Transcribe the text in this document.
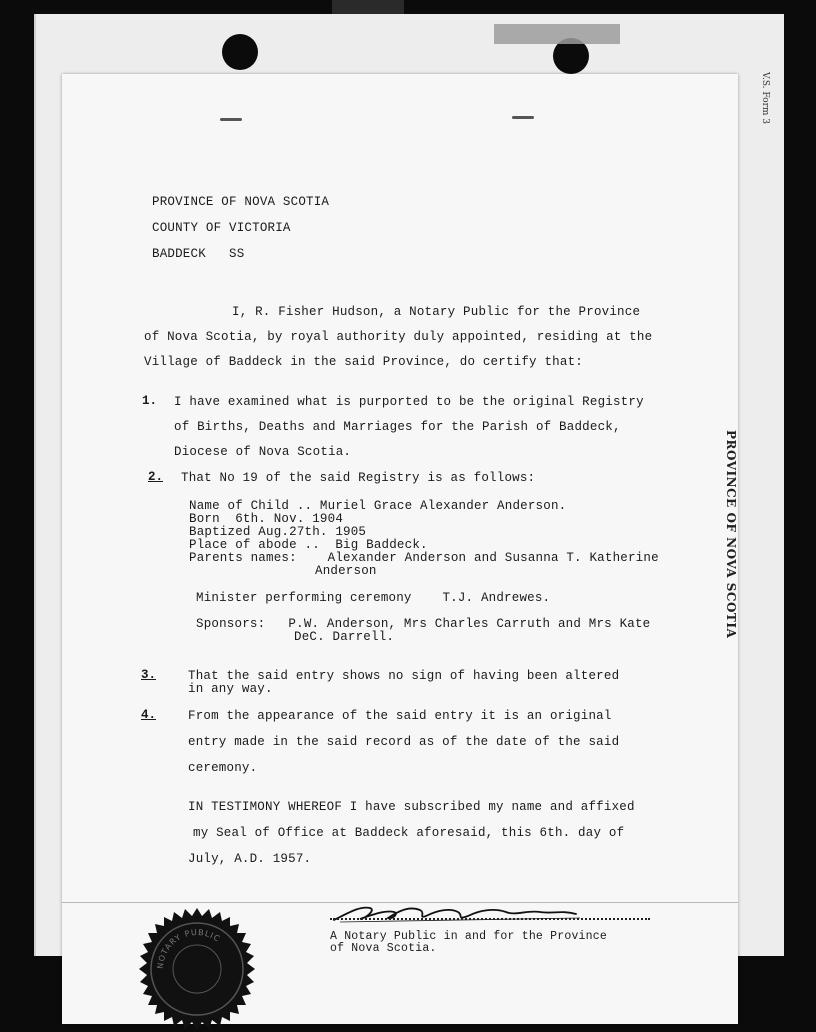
V.S. Form 3
PROVINCE OF NOVA SCOTIA
PROVINCE OF NOVA SCOTIA
COUNTY OF VICTORIA
BADDECK   SS
I, R. Fisher Hudson, a Notary Public for the Province
of Nova Scotia, by royal authority duly appointed, residing at the
Village of Baddeck in the said Province, do certify that:
1. I have examined what is purported to be the original Registry
of Births, Deaths and Marriages for the Parish of Baddeck,
Diocese of Nova Scotia.
2. That No 19 of the said Registry is as follows:
Name of Child .. Muriel Grace Alexander Anderson.
Born  6th. Nov. 1904
Baptized Aug.27th. 1905
Place of abode ..  Big Baddeck.
Parents names:    Alexander Anderson and Susanna T. Katherine
Anderson
Minister performing ceremony    T.J. Andrewes.
Sponsors:   P.W. Anderson, Mrs Charles Carruth and Mrs Kate
DeC. Darrell.
3.	That the said entry shows no sign of having been altered
in any way.
4.	From the appearance of the said entry it is an original
entry made in the said record as of the date of the said
ceremony.
IN TESTIMONY WHEREOF I have subscribed my name and affixed
my Seal of Office at Baddeck aforesaid, this 6th. day of
July, A.D. 1957.
NOTARY PUBLIC	A Notary Public in and for the Province
of Nova Scotia.
